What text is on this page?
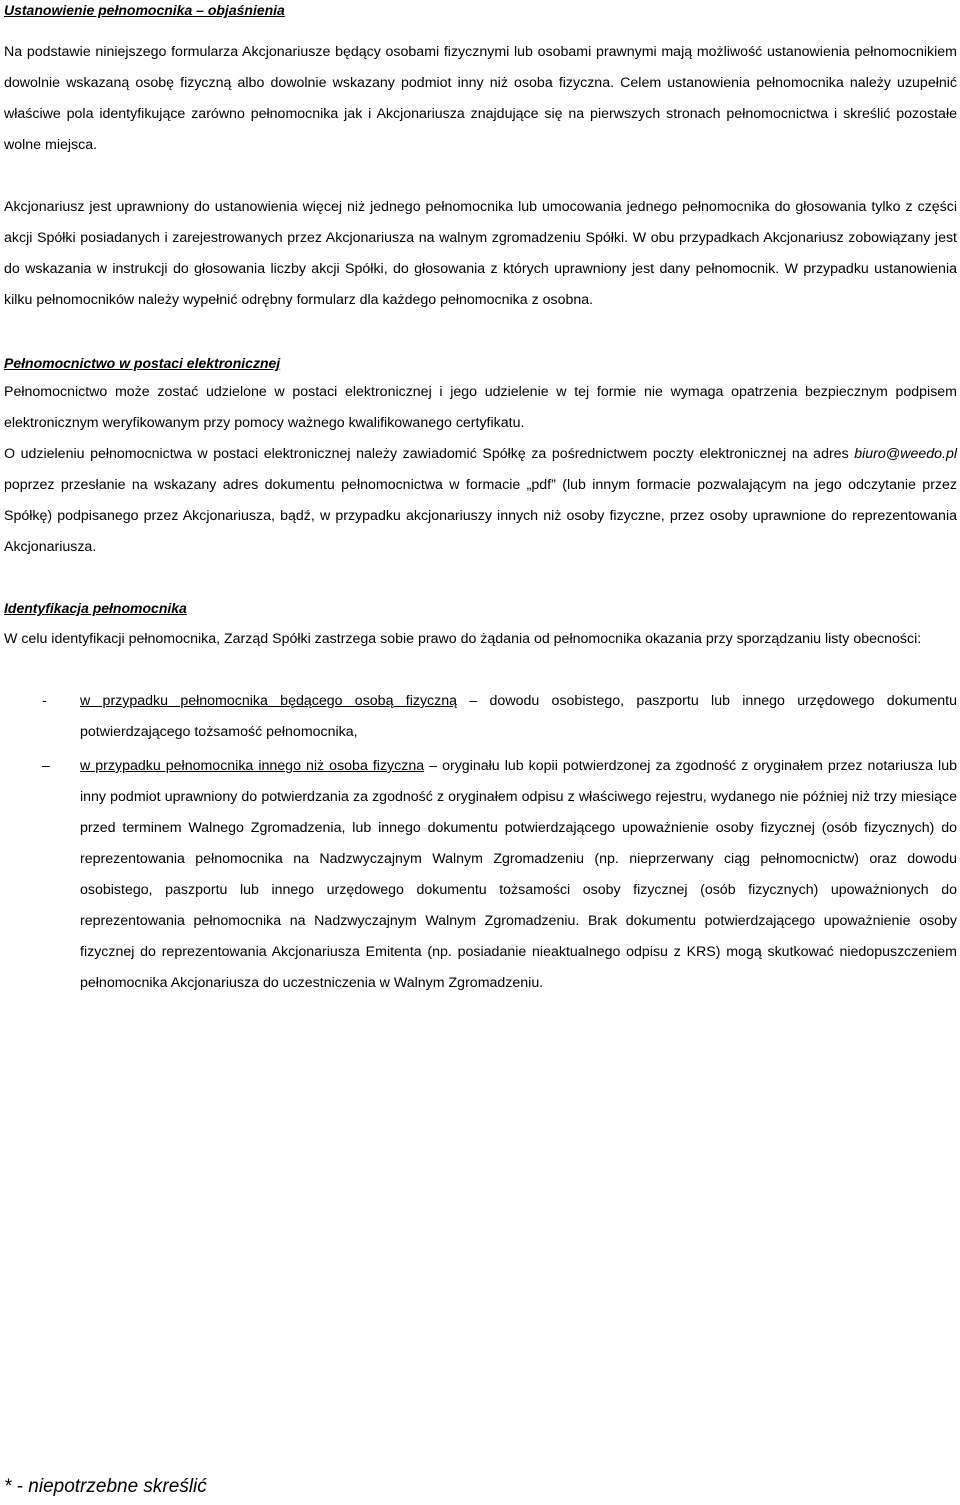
Ustanowienie pełnomocnika – objaśnienia
Na podstawie niniejszego formularza Akcjonariusze będący osobami fizycznymi lub osobami prawnymi mają możliwość ustanowienia pełnomocnikiem dowolnie wskazaną osobę fizyczną albo dowolnie wskazany podmiot inny niż osoba fizyczna. Celem ustanowienia pełnomocnika należy uzupełnić właściwe pola identyfikujące zarówno pełnomocnika jak i Akcjonariusza znajdujące się na pierwszych stronach pełnomocnictwa i skreślić pozostałe wolne miejsca.
Akcjonariusz jest uprawniony do ustanowienia więcej niż jednego pełnomocnika lub umocowania jednego pełnomocnika do głosowania tylko z części akcji Spółki posiadanych i zarejestrowanych przez Akcjonariusza na walnym zgromadzeniu Spółki. W obu przypadkach Akcjonariusz zobowiązany jest do wskazania w instrukcji do głosowania liczby akcji Spółki, do głosowania z których uprawniony jest dany pełnomocnik. W przypadku ustanowienia kilku pełnomocników należy wypełnić odrębny formularz dla każdego pełnomocnika z osobna.
Pełnomocnictwo w postaci elektronicznej
Pełnomocnictwo może zostać udzielone w postaci elektronicznej i jego udzielenie w tej formie nie wymaga opatrzenia bezpiecznym podpisem elektronicznym weryfikowanym przy pomocy ważnego kwalifikowanego certyfikatu.
O udzieleniu pełnomocnictwa w postaci elektronicznej należy zawiadomić Spółkę za pośrednictwem poczty elektronicznej na adres biuro@weedo.pl poprzez przesłanie na wskazany adres dokumentu pełnomocnictwa w formacie „pdf” (lub innym formacie pozwalającym na jego odczytanie przez Spółkę) podpisanego przez Akcjonariusza, bądź, w przypadku akcjonariuszy innych niż osoby fizyczne, przez osoby uprawnione do reprezentowania Akcjonariusza.
Identyfikacja pełnomocnika
W celu identyfikacji pełnomocnika, Zarząd Spółki zastrzega sobie prawo do żądania od pełnomocnika okazania przy sporządzaniu listy obecności:
- w przypadku pełnomocnika będącego osobą fizyczną – dowodu osobistego, paszportu lub innego urzędowego dokumentu potwierdzającego tożsamość pełnomocnika,
– w przypadku pełnomocnika innego niż osoba fizyczna – oryginału lub kopii potwierdzonej za zgodność z oryginałem przez notariusza lub inny podmiot uprawniony do potwierdzania za zgodność z oryginałem odpisu z właściwego rejestru, wydanego nie później niż trzy miesiące przed terminem Walnego Zgromadzenia, lub innego dokumentu potwierdzającego upoważnienie osoby fizycznej (osób fizycznych) do reprezentowania pełnomocnika na Nadzwyczajnym Walnym Zgromadzeniu (np. nieprzerwany ciąg pełnomocnictw) oraz dowodu osobistego, paszportu lub innego urzędowego dokumentu tożsamości osoby fizycznej (osób fizycznych) upoważnionych do reprezentowania pełnomocnika na Nadzwyczajnym Walnym Zgromadzeniu. Brak dokumentu potwierdzającego upoważnienie osoby fizycznej do reprezentowania Akcjonariusza Emitenta (np. posiadanie nieaktualnego odpisu z KRS) mogą skutkować niedopuszczeniem pełnomocnika Akcjonariusza do uczestniczenia w Walnym Zgromadzeniu.
* - niepotrzebne skreślić
